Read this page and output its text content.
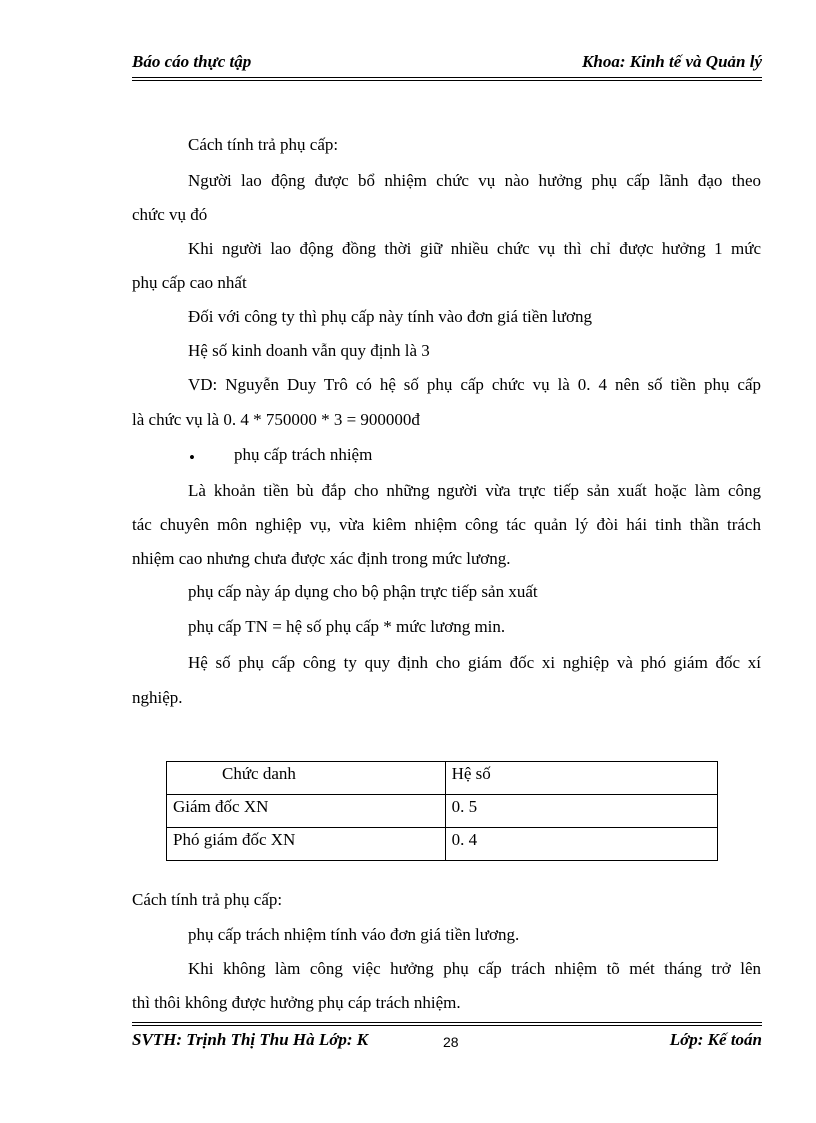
Báo cáo thực tập	Khoa: Kinh tế và Quản lý
Cách tính trả phụ cấp:
Người lao động được bổ nhiệm chức vụ nào hưởng phụ cấp lãnh đạo theo
chức vụ đó
Khi người lao động đồng thời giữ nhiều chức vụ thì chỉ được hưởng 1 mức
phụ cấp cao nhất
Đối với công ty thì phụ cấp này tính vào đơn giá tiền lương
Hệ số kinh doanh vẫn quy định là 3
VD: Nguyễn Duy Trô có hệ số phụ cấp chức vụ là 0. 4 nên số tiền phụ cấp
là chức vụ là 0. 4 * 750000 * 3 = 900000đ
• phụ cấp trách nhiệm
Là khoản tiền bù đắp cho những người vừa trực tiếp sản xuất hoặc làm công
tác chuyên môn nghiệp vụ, vừa kiêm nhiệm công tác quản lý đòi hái tinh thần trách
nhiệm cao nhưng chưa được xác định trong mức lương.
phụ cấp này áp dụng cho bộ phận trực tiếp sản xuất
phụ cấp TN = hệ số phụ cấp * mức lương min.
Hệ số phụ cấp công ty quy định cho giám đốc xi nghiệp và phó giám đốc xí
nghiệp.
Chức danh	Hệ số
Giám đốc XN	0. 5
Phó giám đốc XN	0. 4
Cách tính trả phụ cấp:
phụ cấp trách nhiệm tính váo đơn giá tiền lương.
Khi không làm công việc hưởng phụ cấp trách nhiệm tõ mét tháng trở lên
thì thôi không được hưởng phụ cáp trách nhiệm.
SVTH: Trịnh Thị Thu Hà Lớp: K	28	Lớp: Kế toán
